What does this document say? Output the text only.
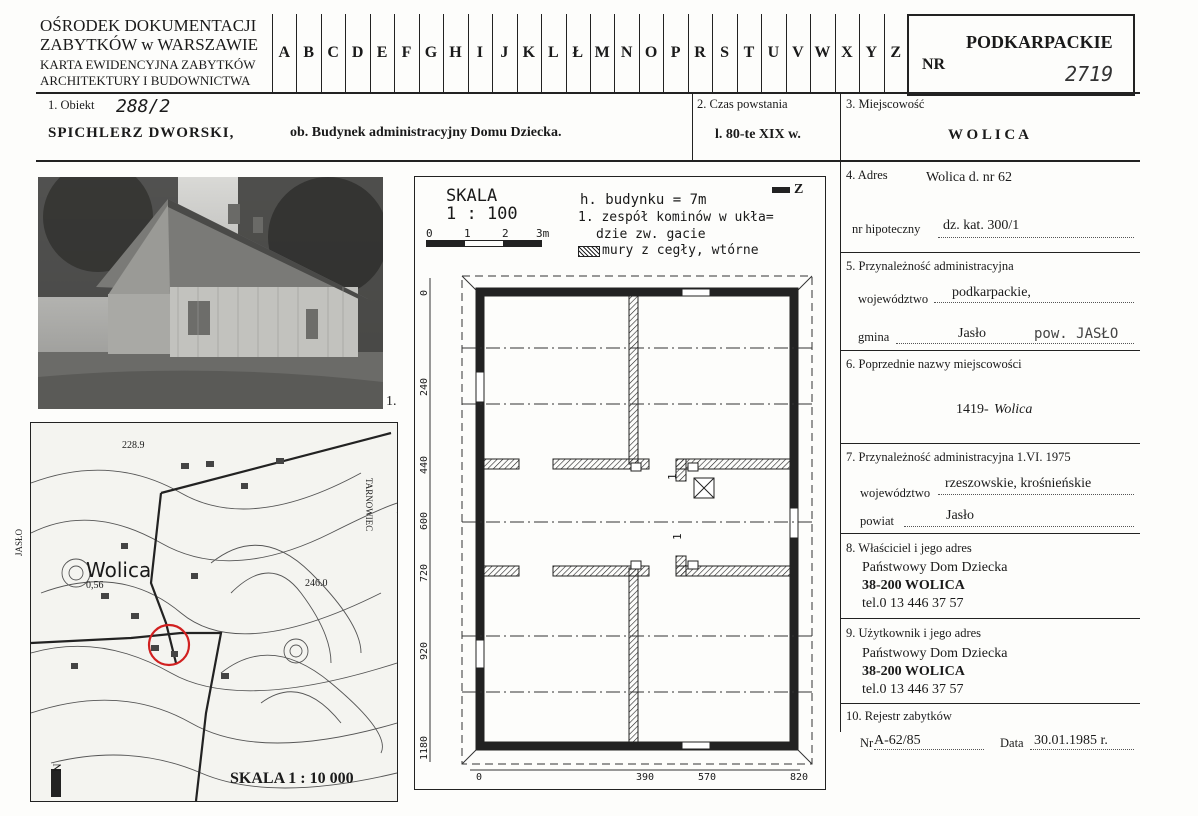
OŚRODEK DOKUMENTACJI
ZABYTKÓW w WARSZAWIE
KARTA EWIDENCYJNA ZABYTKÓW
ARCHITEKTURY I BUDOWNICTWA
A B C D E F G H I	J K L Ł M N O P R S T U V W X Y Z
NR
PODKARPACKIE
2719
1. Obiekt 288/2
SPICHLERZ DWORSKI,	ob. Budynek administracyjny Domu Dziecka.
2. Czas powstania
l. 80-te XIX w.
3. Miejscowość
W O L I C A
4. Adres	Wolica d. nr 62
nr hipoteczny dz. kat. 300/1
5. Przynależność administracyjna
województwo podkarpackie,
gmina	Jasło	pow. JASŁO
6. Poprzednie nazwy miejscowości
1419- Wolica
7. Przynależność administracyjna 1.VI. 1975
województwo
rzeszowskie, krośnieńskie
powiat	Jasło
8. Właściciel i jego adres
Państwowy Dom Dziecka
38-200 WOLICA
tel.0 13 446 37 57
9. Użytkownik i jego adres
Państwowy Dom Dziecka
38-200 WOLICA
tel.0 13 446 37 57
10. Rejestr zabytków
Nr A-62/85	Data 30.01.1985 r.
1.
Wolica
228.9
246.0
0,56
TARNOWIEC
JASŁO
N
SKALA 1 : 10 000
SKALA
1 : 100
h. budynku = 7m
1. zespół kominów w ukła=
dzie zw. gacie
mury z cegły, wtórne
Z
0	1	2 3m
1
1
0	390	570	820
0
240
440
600
720
920
1180
